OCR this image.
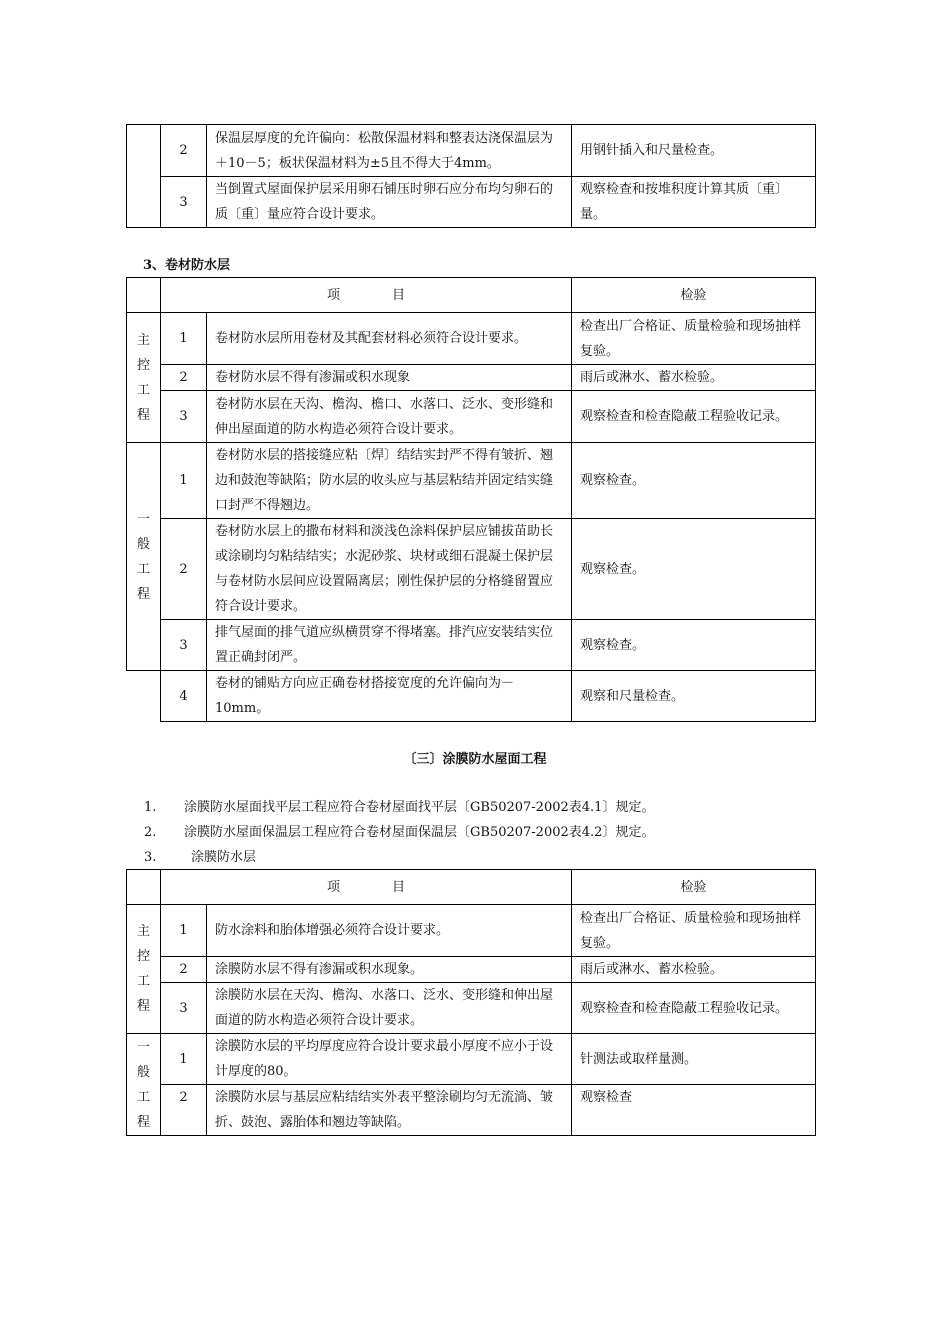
	2	保温层厚度的允许偏向：松散保温材料和整表达浇保温层为＋10－5；板状保温材料为±5且不得大于4mm。	用钢针插入和尺量检查。
	3	当倒置式屋面保护层采用卵石铺压时卵石应分布均匀卵石的质〔重〕量应符合设计要求。	观察检查和按堆积度计算其质〔重〕量。
3、卷材防水层
	项　　　　目		检验

主控工程	1	卷材防水层所用卷材及其配套材料必须符合设计要求。	检查出厂合格证、质量检验和现场抽样复验。
	2	卷材防水层不得有渗漏或积水现象	雨后或淋水、蓄水检验。
	3	卷材防水层在天沟、檐沟、檐口、水落口、泛水、变形缝和伸出屋面道的防水构造必须符合设计要求。	观察检查和检查隐蔽工程验收记录。

一般工程	1	卷材防水层的搭接缝应粘〔焊〕结结实封严不得有皱折、翘边和鼓泡等缺陷；防水层的收头应与基层粘结并固定结实缝口封严不得翘边。	观察检查。
	2	卷材防水层上的撒布材料和淡浅色涂料保护层应铺拔苗助长或涂刷均匀粘结结实；水泥砂浆、块材或细石混凝土保护层与卷材防水层间应设置隔离层；刚性保护层的分格缝留置应符合设计要求。	观察检查。
	3	排气屋面的排气道应纵横贯穿不得堵塞。排汽应安装结实位置正确封闭严。	观察检查。
	4	卷材的铺贴方向应正确卷材搭接宽度的允许偏向为－10mm。	观察和尺量检查。
〔三〕涂膜防水屋面工程
1. 涂膜防水屋面找平层工程应符合卷材屋面找平层〔GB50207-2002表4.1〕规定。
2. 涂膜防水屋面保温层工程应符合卷材屋面保温层〔GB50207-2002表4.2〕规定。
3.	涂膜防水层
	项　　　　目		检验

主控工程	1	防水涂料和胎体增强必须符合设计要求。	检查出厂合格证、质量检验和现场抽样复验。
	2	涂膜防水层不得有渗漏或积水现象。	雨后或淋水、蓄水检验。
	3	涂膜防水层在天沟、檐沟、水落口、泛水、变形缝和伸出屋面道的防水构造必须符合设计要求。	观察检查和检查隐蔽工程验收记录。

一般工程	1	涂膜防水层的平均厚度应符合设计要求最小厚度不应小于设计厚度的80。	针测法或取样量测。
	2	涂膜防水层与基层应粘结结实外表平整涂刷均匀无流淌、皱折、鼓泡、露胎体和翘边等缺陷。	观察检查
